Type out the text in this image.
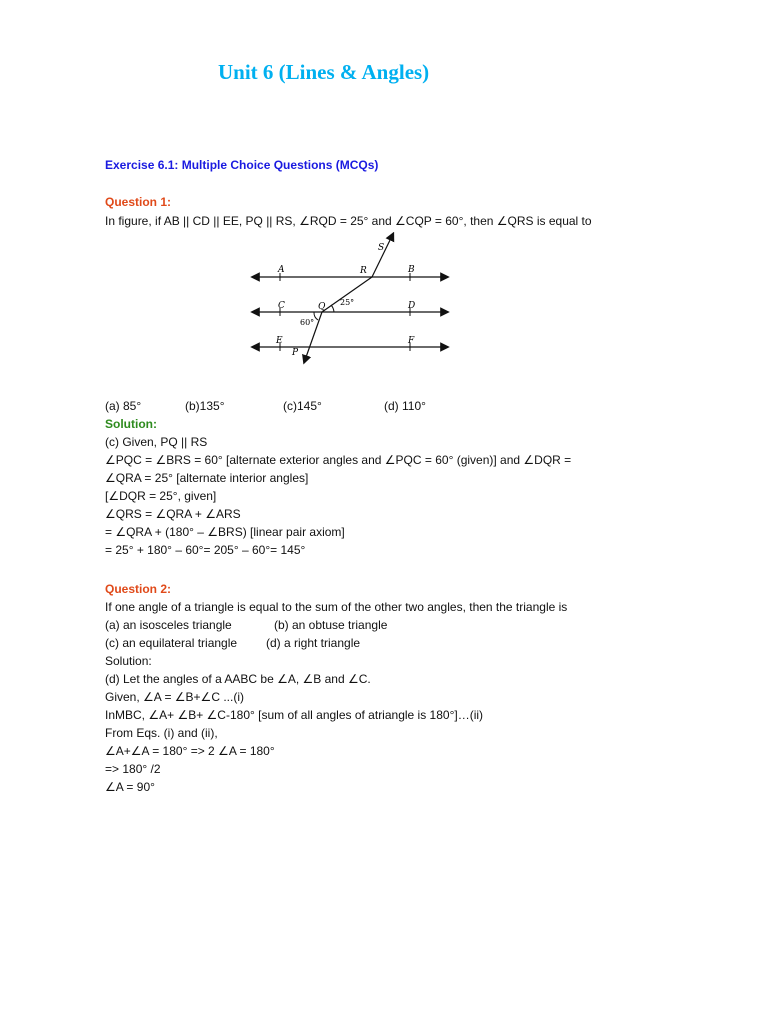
Unit 6 (Lines & Angles)
Exercise 6.1: Multiple Choice Questions (MCQs)
Question 1:
In figure, if AB || CD || EE, PQ || RS, ∠RQD = 25° and ∠CQP = 60°, then ∠QRS is equal to
S
A	R	B
C	Q 25°	D
60°
E	F
P
(a) 85°	(b)135°	(c)145°	(d) 110°
Solution:
(c) Given, PQ || RS
∠PQC = ∠BRS = 60° [alternate exterior angles and ∠PQC = 60° (given)] and ∠DQR =
∠QRA = 25° [alternate interior angles]
[∠DQR = 25°, given]
∠QRS = ∠QRA + ∠ARS
= ∠QRA + (180° – ∠BRS) [linear pair axiom]
= 25° + 180° – 60°= 205° – 60°= 145°
Question 2:
If one angle of a triangle is equal to the sum of the other two angles, then the triangle is
(a) an isosceles triangle	(b) an obtuse triangle
(c) an equilateral triangle (d) a right triangle
Solution:
(d) Let the angles of a AABC be ∠A, ∠B and ∠C.
Given, ∠A = ∠B+∠C ...(i)
InMBC, ∠A+ ∠B+ ∠C-180° [sum of all angles of atriangle is 180°]…(ii)
From Eqs. (i) and (ii),
∠A+∠A = 180° => 2 ∠A = 180°
=> 180° /2
∠A = 90°
